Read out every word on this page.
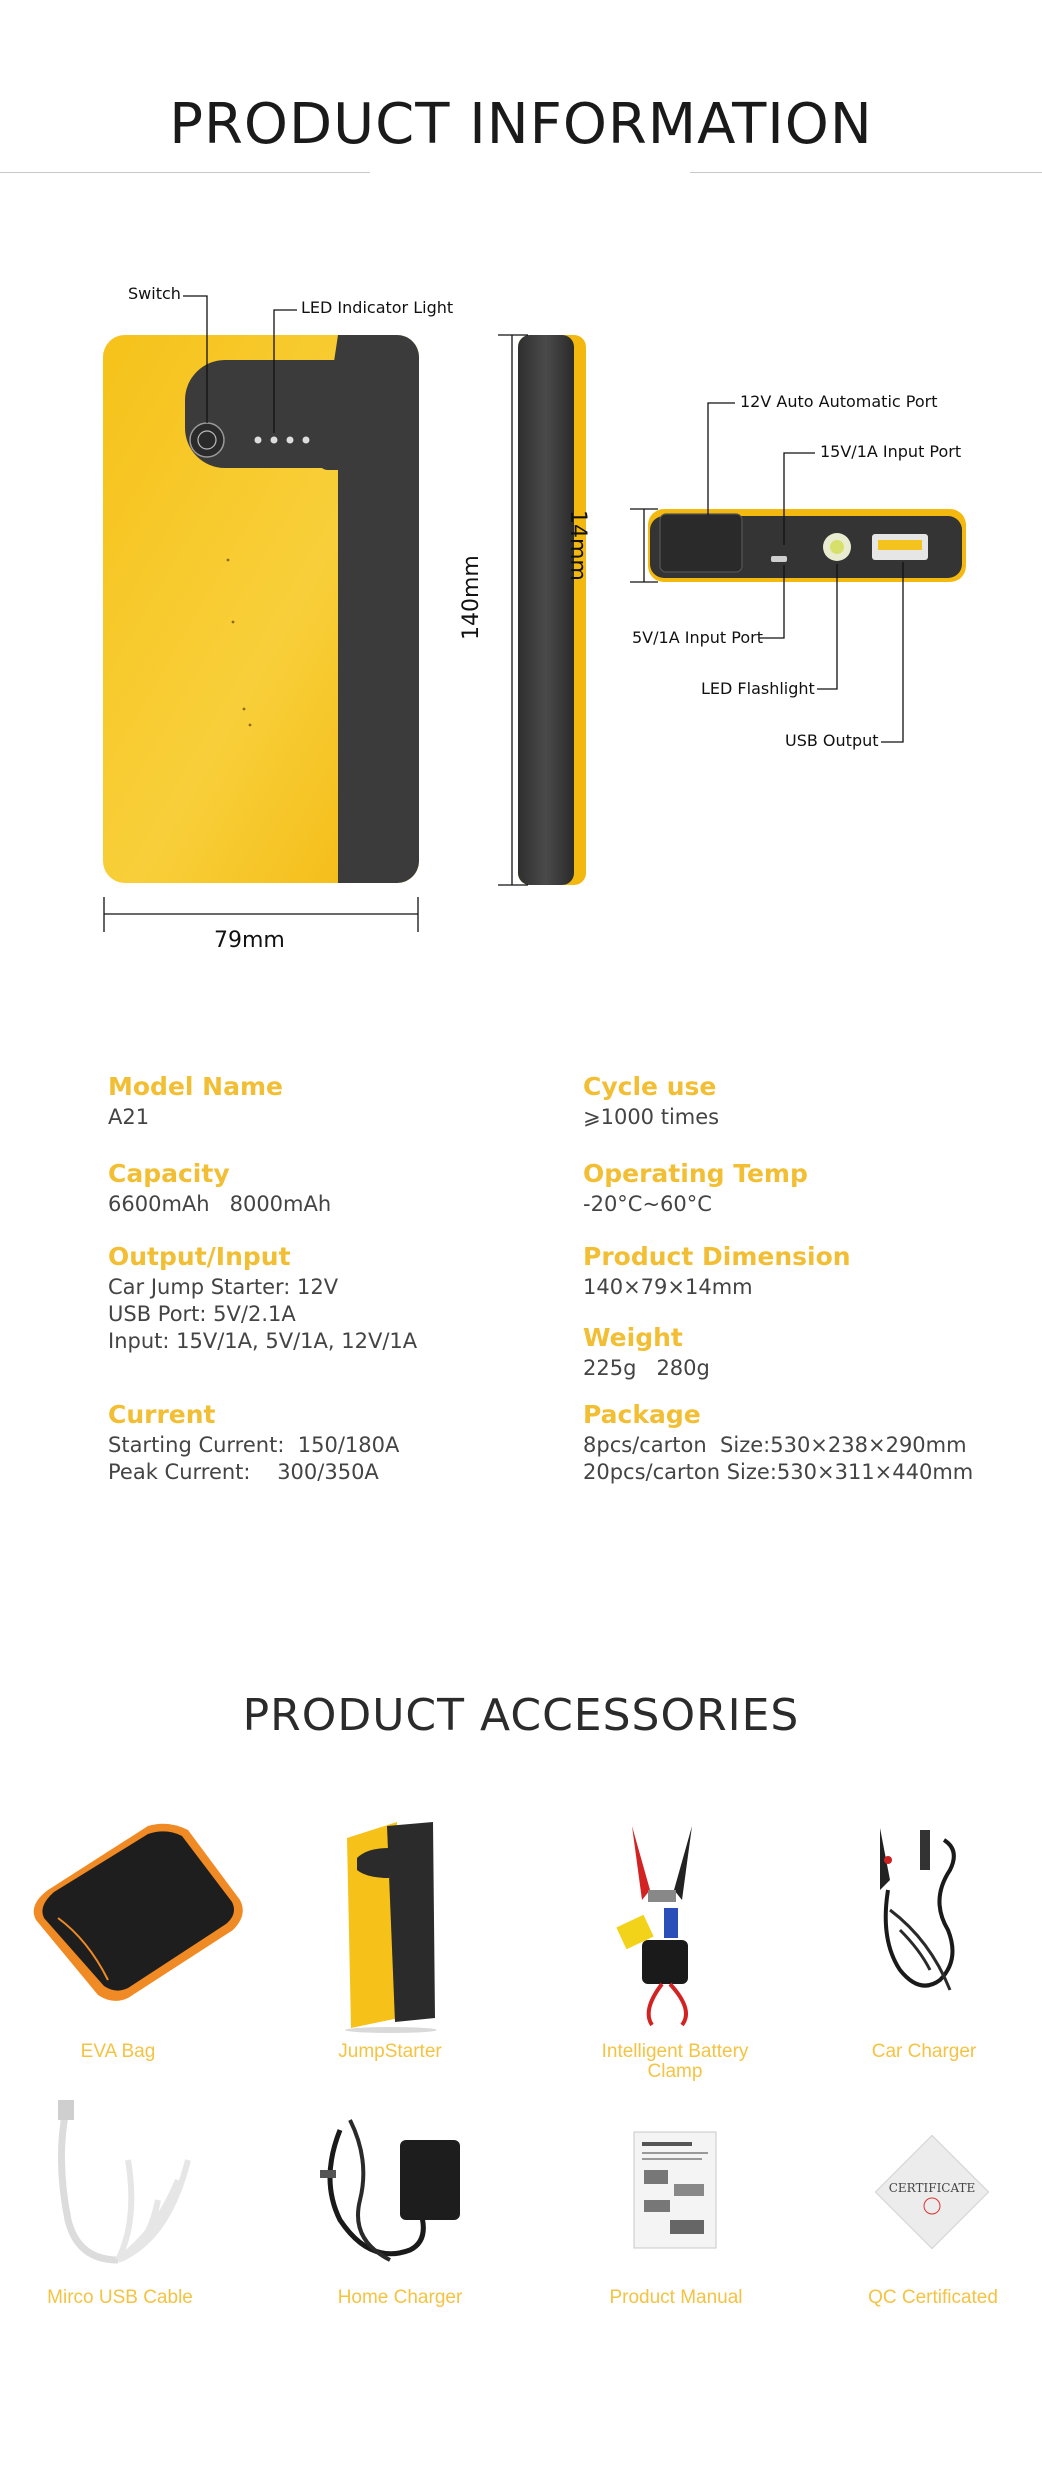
PRODUCT INFORMATION
Switch
LED Indicator Light
12V Auto Automatic Port
15V/1A Input Port
5V/1A Input Port
LED Flashlight
USB Output
79mm
140mm
14mm
Model Name
A21
Cycle use
⩾1000 times
Capacity
6600mAh   8000mAh
Operating Temp
-20°C~60°C
Output/Input
Car Jump Starter: 12V
USB Port: 5V/2.1A
Input: 15V/1A, 5V/1A, 12V/1A
Product Dimension
140×79×14mm
Weight
225g   280g
Current
Starting Current:  150/180A
Peak Current:    300/350A
Package
8pcs/carton  Size:530×238×290mm
20pcs/carton Size:530×311×440mm
PRODUCT ACCESSORIES
CERTIFICATE
EVA Bag	JumpStarter	Intelligent Battery
Clamp
Car Charger
Mirco USB Cable	Home Charger	Product Manual	QC Certificated
